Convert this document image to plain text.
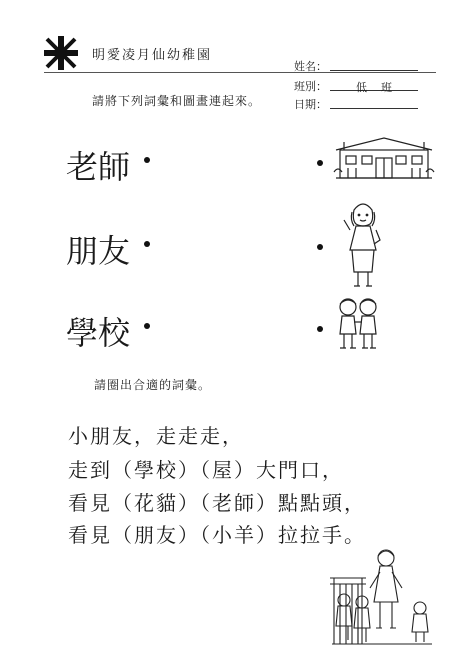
明愛凌月仙幼稚園
姓名：
班別：	低    班
日期：
請將下列詞彙和圖畫連起來。
老師
朋友
學校
請圈出合適的詞彙。
小朋友，走走走，
走到（學校）（屋）大門口，
看見（花貓）（老師）點點頭，
看見（朋友）（小羊）拉拉手。
